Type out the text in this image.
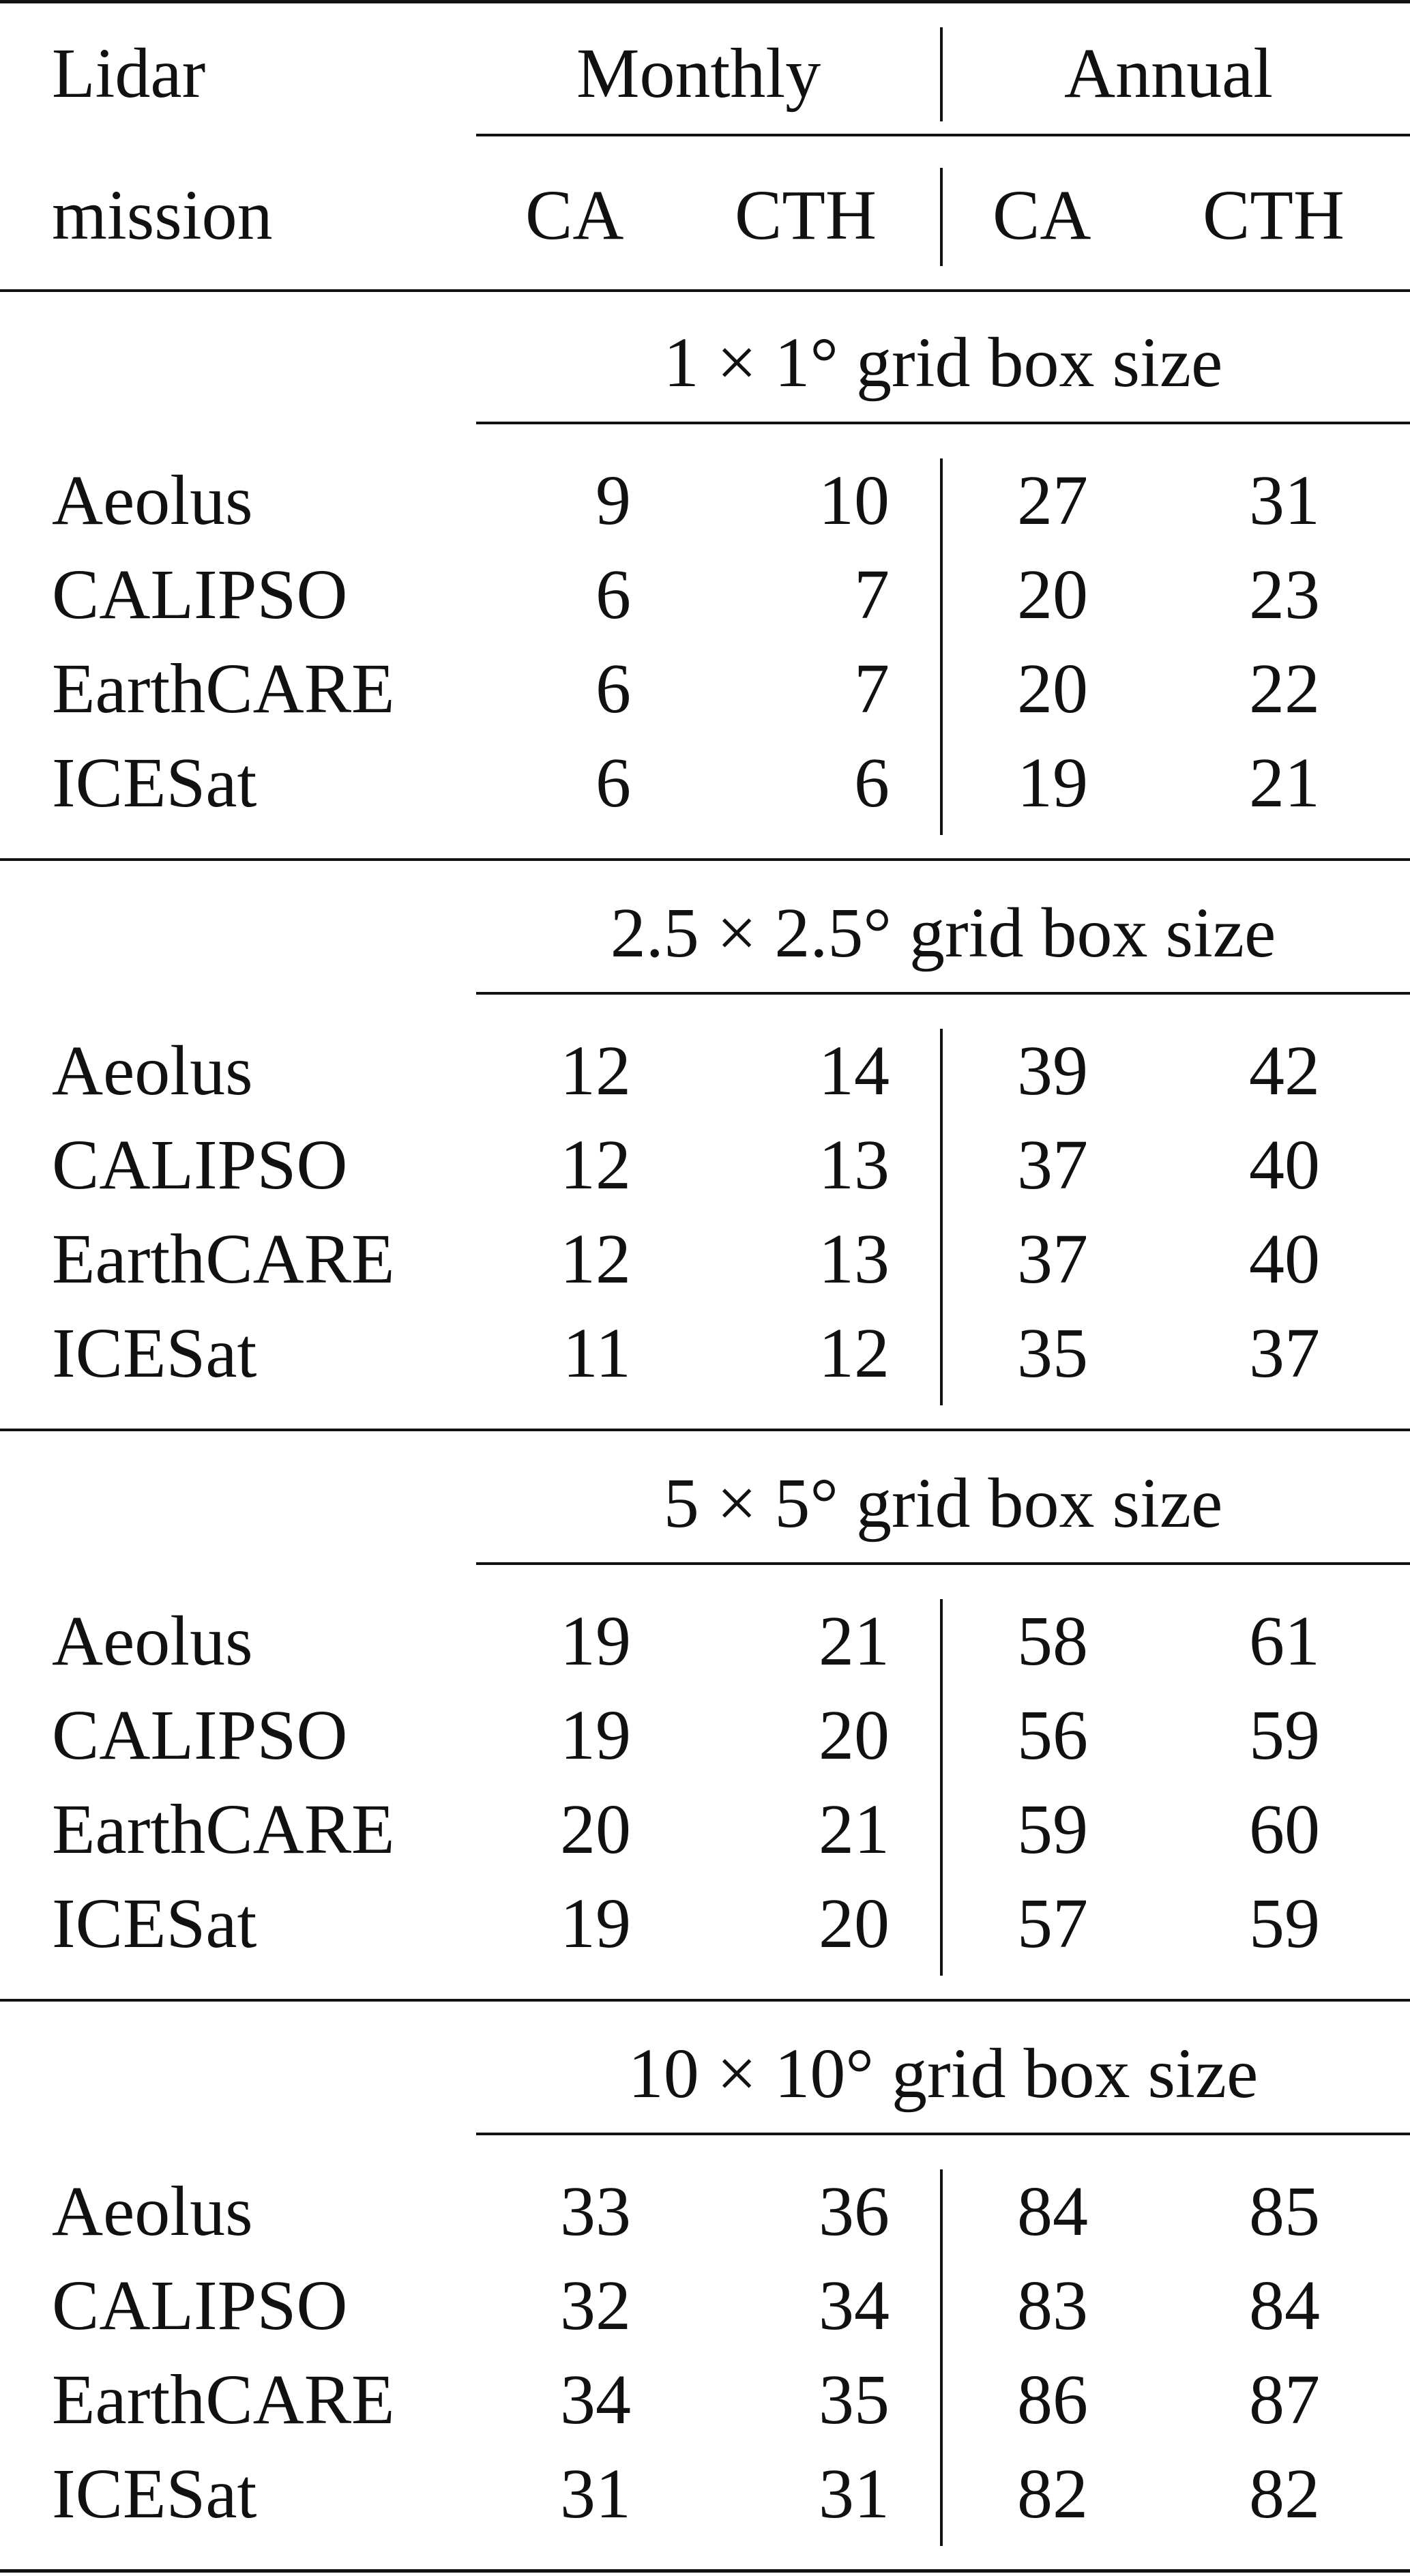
Lidar	Monthly	Annual
mission	CA CTH CA CTH
1 × 1° grid box size
Aeolus	9	10	27	31
CALIPSO	6	7	20	23
EarthCARE	6	7	20	22
ICESat	6	6	19	21
2.5 × 2.5° grid box size
Aeolus	12	14	39	42
CALIPSO	12	13	37	40
EarthCARE	12	13	37	40
ICESat	11	12	35	37
5 × 5° grid box size
Aeolus	19	21	58	61
CALIPSO	19	20	56	59
EarthCARE	20	21	59	60
ICESat	19	20	57	59
10 × 10° grid box size
Aeolus	33	36	84	85
CALIPSO	32	34	83	84
EarthCARE	34	35	86	87
ICESat	31	31	82	82
